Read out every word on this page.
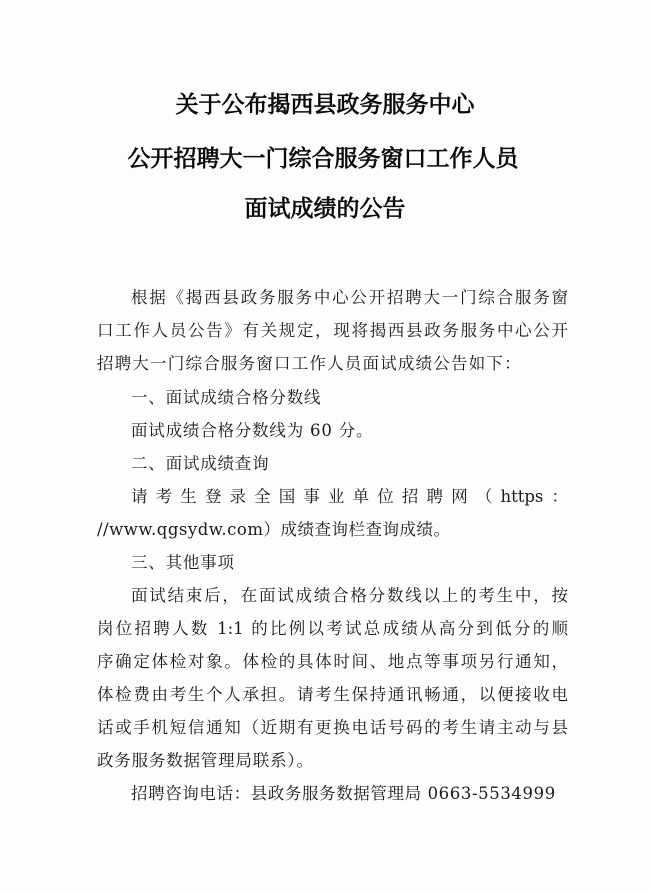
关于公布揭西县政务服务中心
公开招聘大一门综合服务窗口工作人员
面试成绩的公告
根据《揭西县政务服务中心公开招聘大一门综合服务窗
口工作人员公告》有关规定，现将揭西县政务服务中心公开
招聘大一门综合服务窗口工作人员面试成绩公告如下：
一、面试成绩合格分数线
面试成绩合格分数线为 60 分。
二、面试成绩查询
请考生登录全国事业单位招聘网（https：
//www.qgsydw.com）成绩查询栏查询成绩。
三、其他事项
面试结束后，在面试成绩合格分数线以上的考生中，按
岗位招聘人数 1:1 的比例以考试总成绩从高分到低分的顺
序确定体检对象。体检的具体时间、地点等事项另行通知，
体检费由考生个人承担。请考生保持通讯畅通，以便接收电
话或手机短信通知（近期有更换电话号码的考生请主动与县
政务服务数据管理局联系）。
招聘咨询电话：县政务服务数据管理局 0663-5534999
